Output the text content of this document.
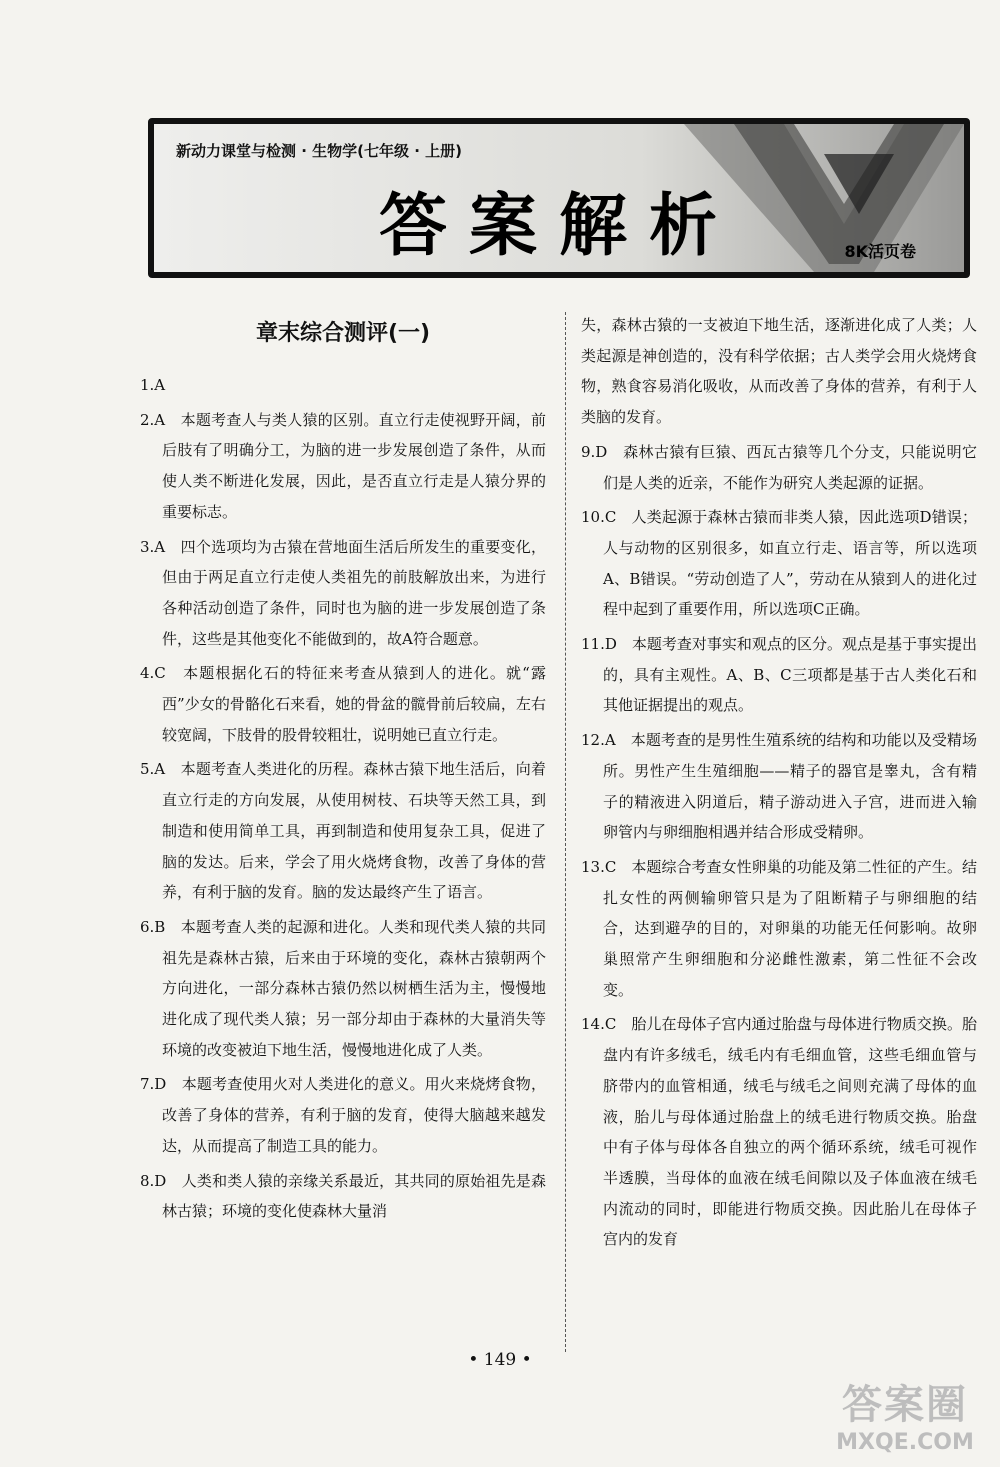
新动力课堂与检测 · 生物学(七年级 · 上册)
答案解析	8K活页卷
章末综合测评(一)

1.A

2.A　 本题考查人与类人猿的区别。直立行走使视野开阔，前后肢有了明确分工，为脑的进一步发展创造了条件，从而使人类不断进化发展，因此，是否直立行走是人猿分界的重要标志。

3.A　 四个选项均为古猿在营地面生活后所发生的重要变化，但由于两足直立行走使人类祖先的前肢解放出来，为进行各种活动创造了条件，同时也为脑的进一步发展创造了条件，这些是其他变化不能做到的，故A符合题意。

4.C　 本题根据化石的特征来考查从猿到人的进化。就“露西”少女的骨骼化石来看，她的骨盆的髋骨前后较扁，左右较宽阔，下肢骨的股骨较粗壮，说明她已直立行走。

5.A　 本题考查人类进化的历程。森林古猿下地生活后，向着直立行走的方向发展，从使用树枝、石块等天然工具，到制造和使用简单工具，再到制造和使用复杂工具，促进了脑的发达。后来，学会了用火烧烤食物，改善了身体的营养，有利于脑的发育。脑的发达最终产生了语言。

6.B　 本题考查人类的起源和进化。人类和现代类人猿的共同祖先是森林古猿，后来由于环境的变化，森林古猿朝两个方向进化，一部分森林古猿仍然以树栖生活为主，慢慢地进化成了现代类人猿；另一部分却由于森林的大量消失等环境的改变被迫下地生活，慢慢地进化成了人类。

7.D　 本题考查使用火对人类进化的意义。用火来烧烤食物，改善了身体的营养，有利于脑的发育，使得大脑越来越发达，从而提高了制造工具的能力。

8.D　 人类和类人猿的亲缘关系最近，其共同的原始祖先是森林古猿；环境的变化使森林大量消

失，森林古猿的一支被迫下地生活，逐渐进化成了人类；人类起源是神创造的，没有科学依据；古人类学会用火烧烤食物，熟食容易消化吸收，从而改善了身体的营养，有利于人类脑的发育。

9.D　 森林古猿有巨猿、西瓦古猿等几个分支，只能说明它们是人类的近亲，不能作为研究人类起源的证据。

10.C　 人类起源于森林古猿而非类人猿，因此选项D错误；人与动物的区别很多，如直立行走、语言等，所以选项A、B错误。“劳动创造了人”，劳动在从猿到人的进化过程中起到了重要作用，所以选项C正确。

11.D　 本题考查对事实和观点的区分。观点是基于事实提出的，具有主观性。A、B、C三项都是基于古人类化石和其他证据提出的观点。

12.A　 本题考查的是男性生殖系统的结构和功能以及受精场所。男性产生生殖细胞——精子的器官是睾丸，含有精子的精液进入阴道后，精子游动进入子宫，进而进入输卵管内与卵细胞相遇并结合形成受精卵。

13.C　 本题综合考查女性卵巢的功能及第二性征的产生。结扎女性的两侧输卵管只是为了阻断精子与卵细胞的结合，达到避孕的目的，对卵巢的功能无任何影响。故卵巢照常产生卵细胞和分泌雌性激素，第二性征不会改变。

14.C　 胎儿在母体子宫内通过胎盘与母体进行物质交换。胎盘内有许多绒毛，绒毛内有毛细血管，这些毛细血管与脐带内的血管相通，绒毛与绒毛之间则充满了母体的血液，胎儿与母体通过胎盘上的绒毛进行物质交换。胎盘中有子体与母体各自独立的两个循环系统，绒毛可视作半透膜，当母体的血液在绒毛间隙以及子体血液在绒毛内流动的同时，即能进行物质交换。因此胎儿在母体子宫内的发育

• 149 •
答案圈
MXQE.COM
